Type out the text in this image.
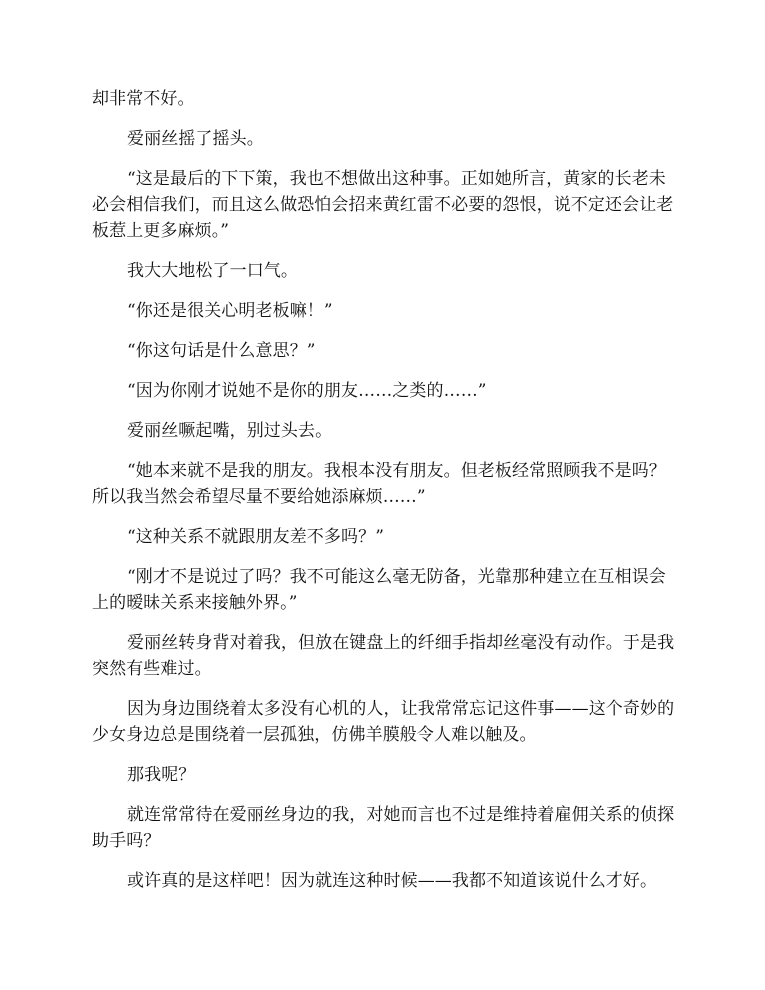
却非常不好。

爱丽丝摇了摇头。

“这是最后的下下策，我也不想做出这种事。正如她所言，黄家的长老未必会相信我们，而且这么做恐怕会招来黄红雷不必要的怨恨，说不定还会让老板惹上更多麻烦。”

我大大地松了一口气。

“你还是很关心明老板嘛！”

“你这句话是什么意思？”

“因为你刚才说她不是你的朋友……之类的……”

爱丽丝噘起嘴，别过头去。

“她本来就不是我的朋友。我根本没有朋友。但老板经常照顾我不是吗？所以我当然会希望尽量不要给她添麻烦……”

“这种关系不就跟朋友差不多吗？”

“刚才不是说过了吗？我不可能这么毫无防备，光靠那种建立在互相误会上的暧昧关系来接触外界。”

爱丽丝转身背对着我，但放在键盘上的纤细手指却丝毫没有动作。于是我突然有些难过。

因为身边围绕着太多没有心机的人，让我常常忘记这件事——这个奇妙的少女身边总是围绕着一层孤独，仿佛羊膜般令人难以触及。

那我呢？

就连常常待在爱丽丝身边的我，对她而言也不过是维持着雇佣关系的侦探助手吗？

或许真的是这样吧！因为就连这种时候——我都不知道该说什么才好。
